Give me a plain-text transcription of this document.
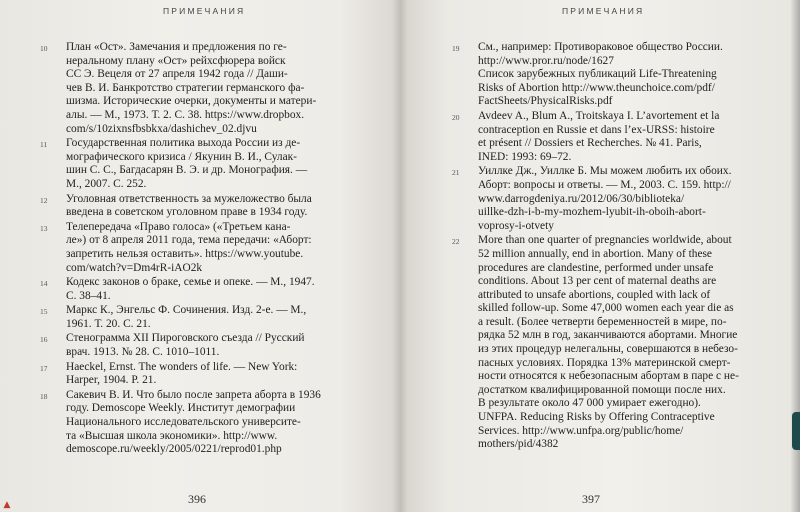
ПРИМЕЧАНИЯ
10 План «Ост». Замечания и предложения по ге-
неральному плану «Ост» рейхсфюрера войск
СС Э. Вецеля от 27 апреля 1942 года // Даши-
чев В. И. Банкротство стратегии германского фа-
шизма. Исторические очерки, документы и матери-
алы. — М., 1973. Т. 2. С. 38. https://www.dropbox.
com/s/10zixnsfbsbkxa/dashichev_02.djvu
11 Государственная политика выхода России из де-
мографического кризиса / Якунин В. И., Сулак-
шин С. С., Багдасарян В. Э. и др. Монография. —
М., 2007. С. 252.
12 Уголовная ответственность за мужеложество была
введена в советском уголовном праве в 1934 году.
13 Телепередача «Право голоса» («Третьем кана-
ле») от 8 апреля 2011 года, тема передачи: «Аборт:
запретить нельзя оставить». https://www.youtube.
com/watch?v=Dm4rR-iAO2k
14 Кодекс законов о браке, семье и опеке. — М., 1947.
С. 38–41.
15 Маркс К., Энгельс Ф. Сочинения. Изд. 2-е. — М.,
1961. Т. 20. С. 21.
16 Стенограмма XII Пироговского съезда // Русский
врач. 1913. № 28. С. 1010–1011.
17 Haeckel, Ernst. The wonders of life. — New York:
Harper, 1904. P. 21.
18 Сакевич В. И. Что было после запрета аборта в 1936
году. Demoscope Weekly. Институт демографии
Национального исследовательского университе-
та «Высшая школа экономики». http://www.
demoscope.ru/weekly/2005/0221/reprod01.php
396
ПРИМЕЧАНИЯ
19 См., например: Противораковое общество России.
http://www.pror.ru/node/1627
Список зарубежных публикаций Life-Threatening
Risks of Abortion http://www.theunchoice.com/pdf/
FactSheets/PhysicalRisks.pdf
20 Avdeev A., Blum A., Troitskaya I. L’avortement et la
contraception en Russie et dans l’ex-URSS: histoire
et présent // Dossiers et Recherches. № 41. Paris,
INED: 1993: 69–72.
21 Уиллке Дж., Уиллке Б. Мы можем любить их обоих.
Аборт: вопросы и ответы. — М., 2003. С. 159. http://
www.darrogdeniya.ru/2012/06/30/biblioteka/
uillke-dzh-i-b-my-mozhem-lyubit-ih-oboih-abort-
voprosy-i-otvety
22 More than one quarter of pregnancies worldwide, about
52 million annually, end in abortion. Many of these
procedures are clandestine, performed under unsafe
conditions. About 13 per cent of maternal deaths are
attributed to unsafe abortions, coupled with lack of
skilled follow-up. Some 47,000 women each year die as
a result. (Более четверти беременностей в мире, по-
рядка 52 млн в год, заканчиваются абортами. Многие
из этих процедур нелегальны, совершаются в небезо-
пасных условиях. Порядка 13% материнской смерт-
ности относятся к небезопасным абортам в паре с не-
достатком квалифицированной помощи после них.
В результате около 47 000 умирает ежегодно).
UNFPA. Reducing Risks by Offering Contraceptive
Services. http://www.unfpa.org/public/home/
mothers/pid/4382
397
▲
